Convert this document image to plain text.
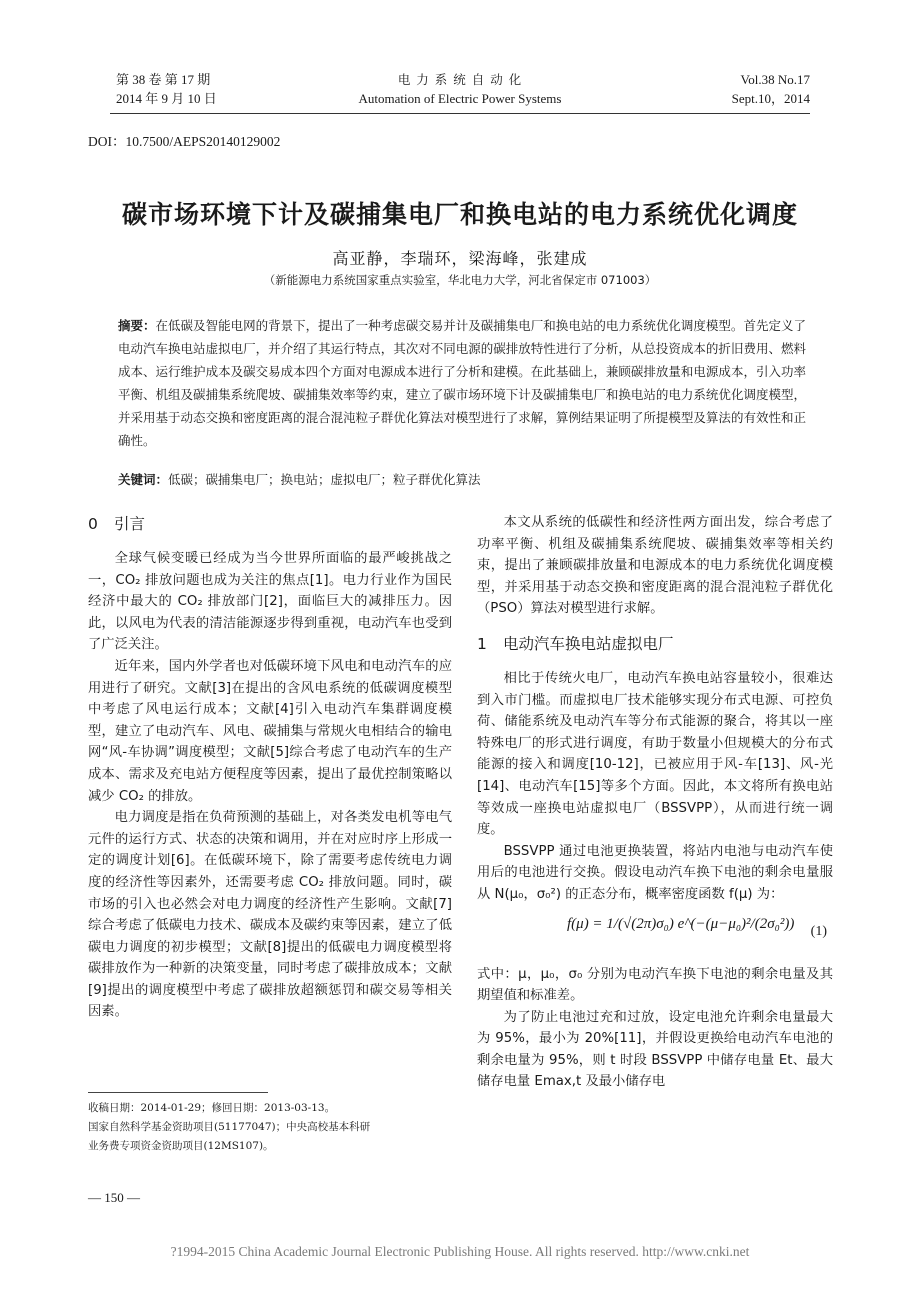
第 38 卷 第 17 期
2014 年 9 月 10 日
电 力 系 统 自 动 化
Automation of Electric Power Systems
Vol.38 No.17
Sept.10，2014
DOI：10.7500/AEPS20140129002
碳市场环境下计及碳捕集电厂和换电站的电力系统优化调度
高亚静，李瑞环，梁海峰，张建成
（新能源电力系统国家重点实验室，华北电力大学，河北省保定市 071003）
摘要：在低碳及智能电网的背景下，提出了一种考虑碳交易并计及碳捕集电厂和换电站的电力系统优化调度模型。首先定义了电动汽车换电站虚拟电厂，并介绍了其运行特点，其次对不同电源的碳排放特性进行了分析，从总投资成本的折旧费用、燃料成本、运行维护成本及碳交易成本四个方面对电源成本进行了分析和建模。在此基础上，兼顾碳排放量和电源成本，引入功率平衡、机组及碳捕集系统爬坡、碳捕集效率等约束，建立了碳市场环境下计及碳捕集电厂和换电站的电力系统优化调度模型，并采用基于动态交换和密度距离的混合混沌粒子群优化算法对模型进行了求解，算例结果证明了所提模型及算法的有效性和正确性。
关键词：低碳；碳捕集电厂；换电站；虚拟电厂；粒子群优化算法
0 引言

全球气候变暖已经成为当今世界所面临的最严峻挑战之一，CO₂ 排放问题也成为关注的焦点[1]。电力行业作为国民经济中最大的 CO₂ 排放部门[2]，面临巨大的减排压力。因此，以风电为代表的清洁能源逐步得到重视，电动汽车也受到了广泛关注。

近年来，国内外学者也对低碳环境下风电和电动汽车的应用进行了研究。文献[3]在提出的含风电系统的低碳调度模型中考虑了风电运行成本；文献[4]引入电动汽车集群调度模型，建立了电动汽车、风电、碳捕集与常规火电相结合的输电网“风-车协调”调度模型；文献[5]综合考虑了电动汽车的生产成本、需求及充电站方便程度等因素，提出了最优控制策略以减少 CO₂ 的排放。

电力调度是指在负荷预测的基础上，对各类发电机等电气元件的运行方式、状态的决策和调用，并在对应时序上形成一定的调度计划[6]。在低碳环境下，除了需要考虑传统电力调度的经济性等因素外，还需要考虑 CO₂ 排放问题。同时，碳市场的引入也必然会对电力调度的经济性产生影响。文献[7]综合考虑了低碳电力技术、碳成本及碳约束等因素，建立了低碳电力调度的初步模型；文献[8]提出的低碳电力调度模型将碳排放作为一种新的决策变量，同时考虑了碳排放成本；文献[9]提出的调度模型中考虑了碳排放超额惩罚和碳交易等相关因素。

本文从系统的低碳性和经济性两方面出发，综合考虑了功率平衡、机组及碳捕集系统爬坡、碳捕集效率等相关约束，提出了兼顾碳排放量和电源成本的电力系统优化调度模型，并采用基于动态交换和密度距离的混合混沌粒子群优化（PSO）算法对模型进行求解。

1 电动汽车换电站虚拟电厂

相比于传统火电厂，电动汽车换电站容量较小，很难达到入市门槛。而虚拟电厂技术能够实现分布式电源、可控负荷、储能系统及电动汽车等分布式能源的聚合，将其以一座特殊电厂的形式进行调度，有助于数量小但规模大的分布式能源的接入和调度[10-12]，已被应用于风-车[13]、风-光[14]、电动汽车[15]等多个方面。因此，本文将所有换电站等效成一座换电站虚拟电厂（BSSVPP），从而进行统一调度。

BSSVPP 通过电池更换装置，将站内电池与电动汽车使用后的电池进行交换。假设电动汽车换下电池的剩余电量服从 N(μ₀，σ₀²) 的正态分布，概率密度函数 f(μ) 为：

f(μ) = 1/(√(2π)σ₀) e^(−(μ−μ₀)²/(2σ₀²)) (1)

式中：μ，μ₀，σ₀ 分别为电动汽车换下电池的剩余电量及其期望值和标准差。

为了防止电池过充和过放，设定电池允许剩余电量最大为 95%，最小为 20%[11]，并假设更换给电动汽车电池的剩余电量为 95%，则 t 时段 BSSVPP 中储存电量 Et、最大储存电量 Emax,t 及最小储存电

收稿日期：2014-01-29；修回日期：2013-03-13。
国家自然科学基金资助项目(51177047)；中央高校基本科研
业务费专项资金资助项目(12MS107)。
— 150 —
?1994-2015 China Academic Journal Electronic Publishing House. All rights reserved. http://www.cnki.net
